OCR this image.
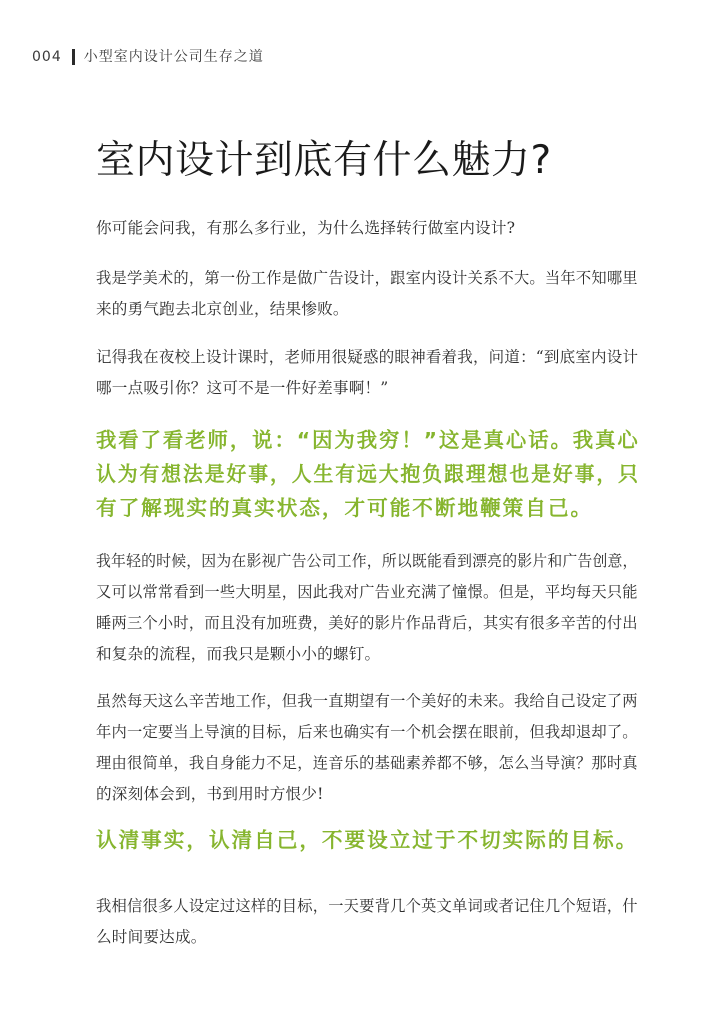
004 小型室内设计公司生存之道
室内设计到底有什么魅力?

你可能会问我，有那么多行业，为什么选择转行做室内设计?

我是学美术的，第一份工作是做广告设计，跟室内设计关系不大。当年不知哪里
来的勇气跑去北京创业，结果惨败。

记得我在夜校上设计课时，老师用很疑惑的眼神看着我，问道：“到底室内设计
哪一点吸引你？这可不是一件好差事啊！”

我看了看老师，说：“因为我穷！”这是真心话。我真心
认为有想法是好事，人生有远大抱负跟理想也是好事，只
有了解现实的真实状态，才可能不断地鞭策自己。

我年轻的时候，因为在影视广告公司工作，所以既能看到漂亮的影片和广告创意，
又可以常常看到一些大明星，因此我对广告业充满了憧憬。但是，平均每天只能
睡两三个小时，而且没有加班费，美好的影片作品背后，其实有很多辛苦的付出
和复杂的流程，而我只是颗小小的螺钉。

虽然每天这么辛苦地工作，但我一直期望有一个美好的未来。我给自己设定了两
年内一定要当上导演的目标，后来也确实有一个机会摆在眼前，但我却退却了。
理由很简单，我自身能力不足，连音乐的基础素养都不够，怎么当导演？那时真
的深刻体会到，书到用时方恨少!

认清事实，认清自己，不要设立过于不切实际的目标。

我相信很多人设定过这样的目标，一天要背几个英文单词或者记住几个短语，什
么时间要达成。
